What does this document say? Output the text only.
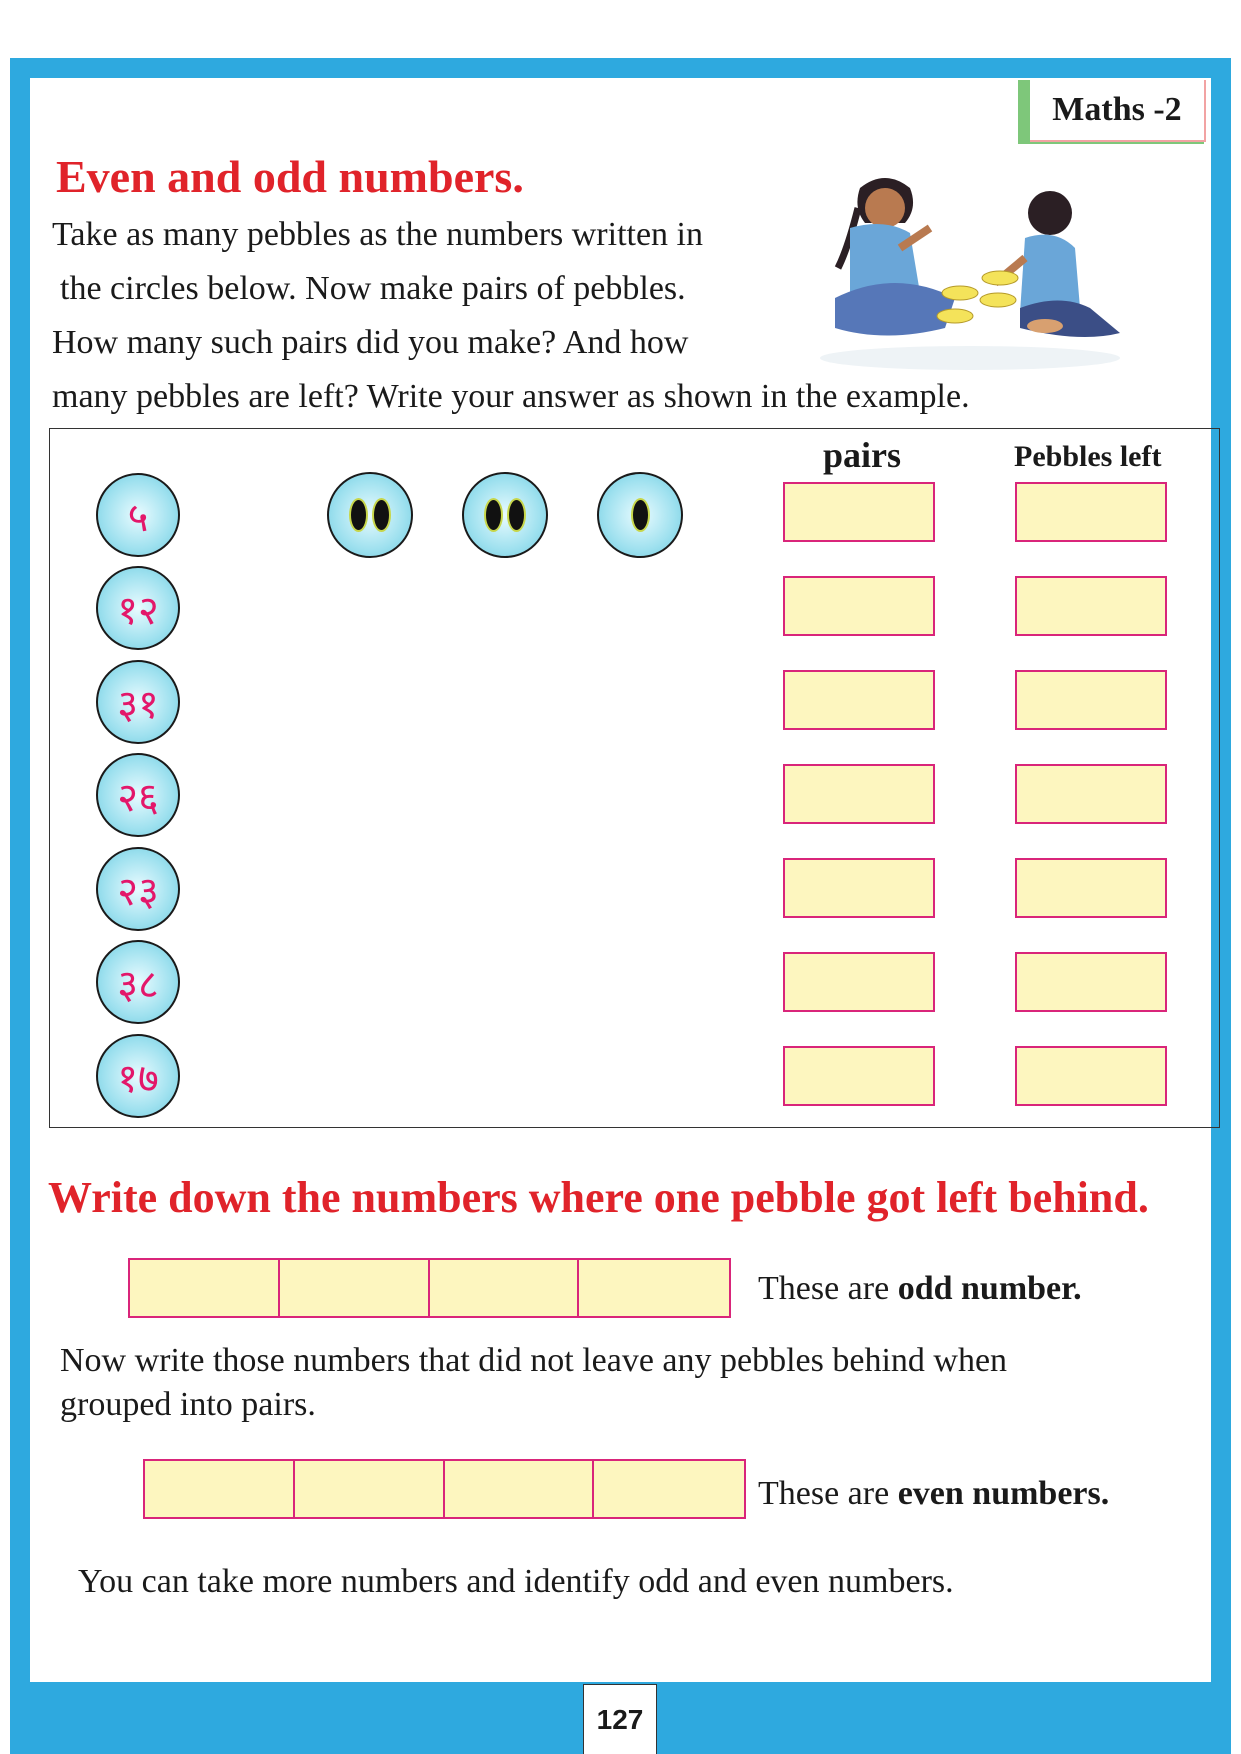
Maths -2
Even and odd numbers.
Take as many pebbles as the numbers written in
the circles below. Now make pairs of pebbles.
How many such pairs did you make? And how
many pebbles are left? Write your answer as shown in the example.
pairs	Pebbles left
५
१२
३१
२६
२३
३८
१७
Write down the numbers where one pebble got left behind.
These are odd number.
Now write those numbers that did not leave any pebbles behind when
grouped into pairs.
These are even numbers.
You can take more numbers and identify odd and even numbers.
127
